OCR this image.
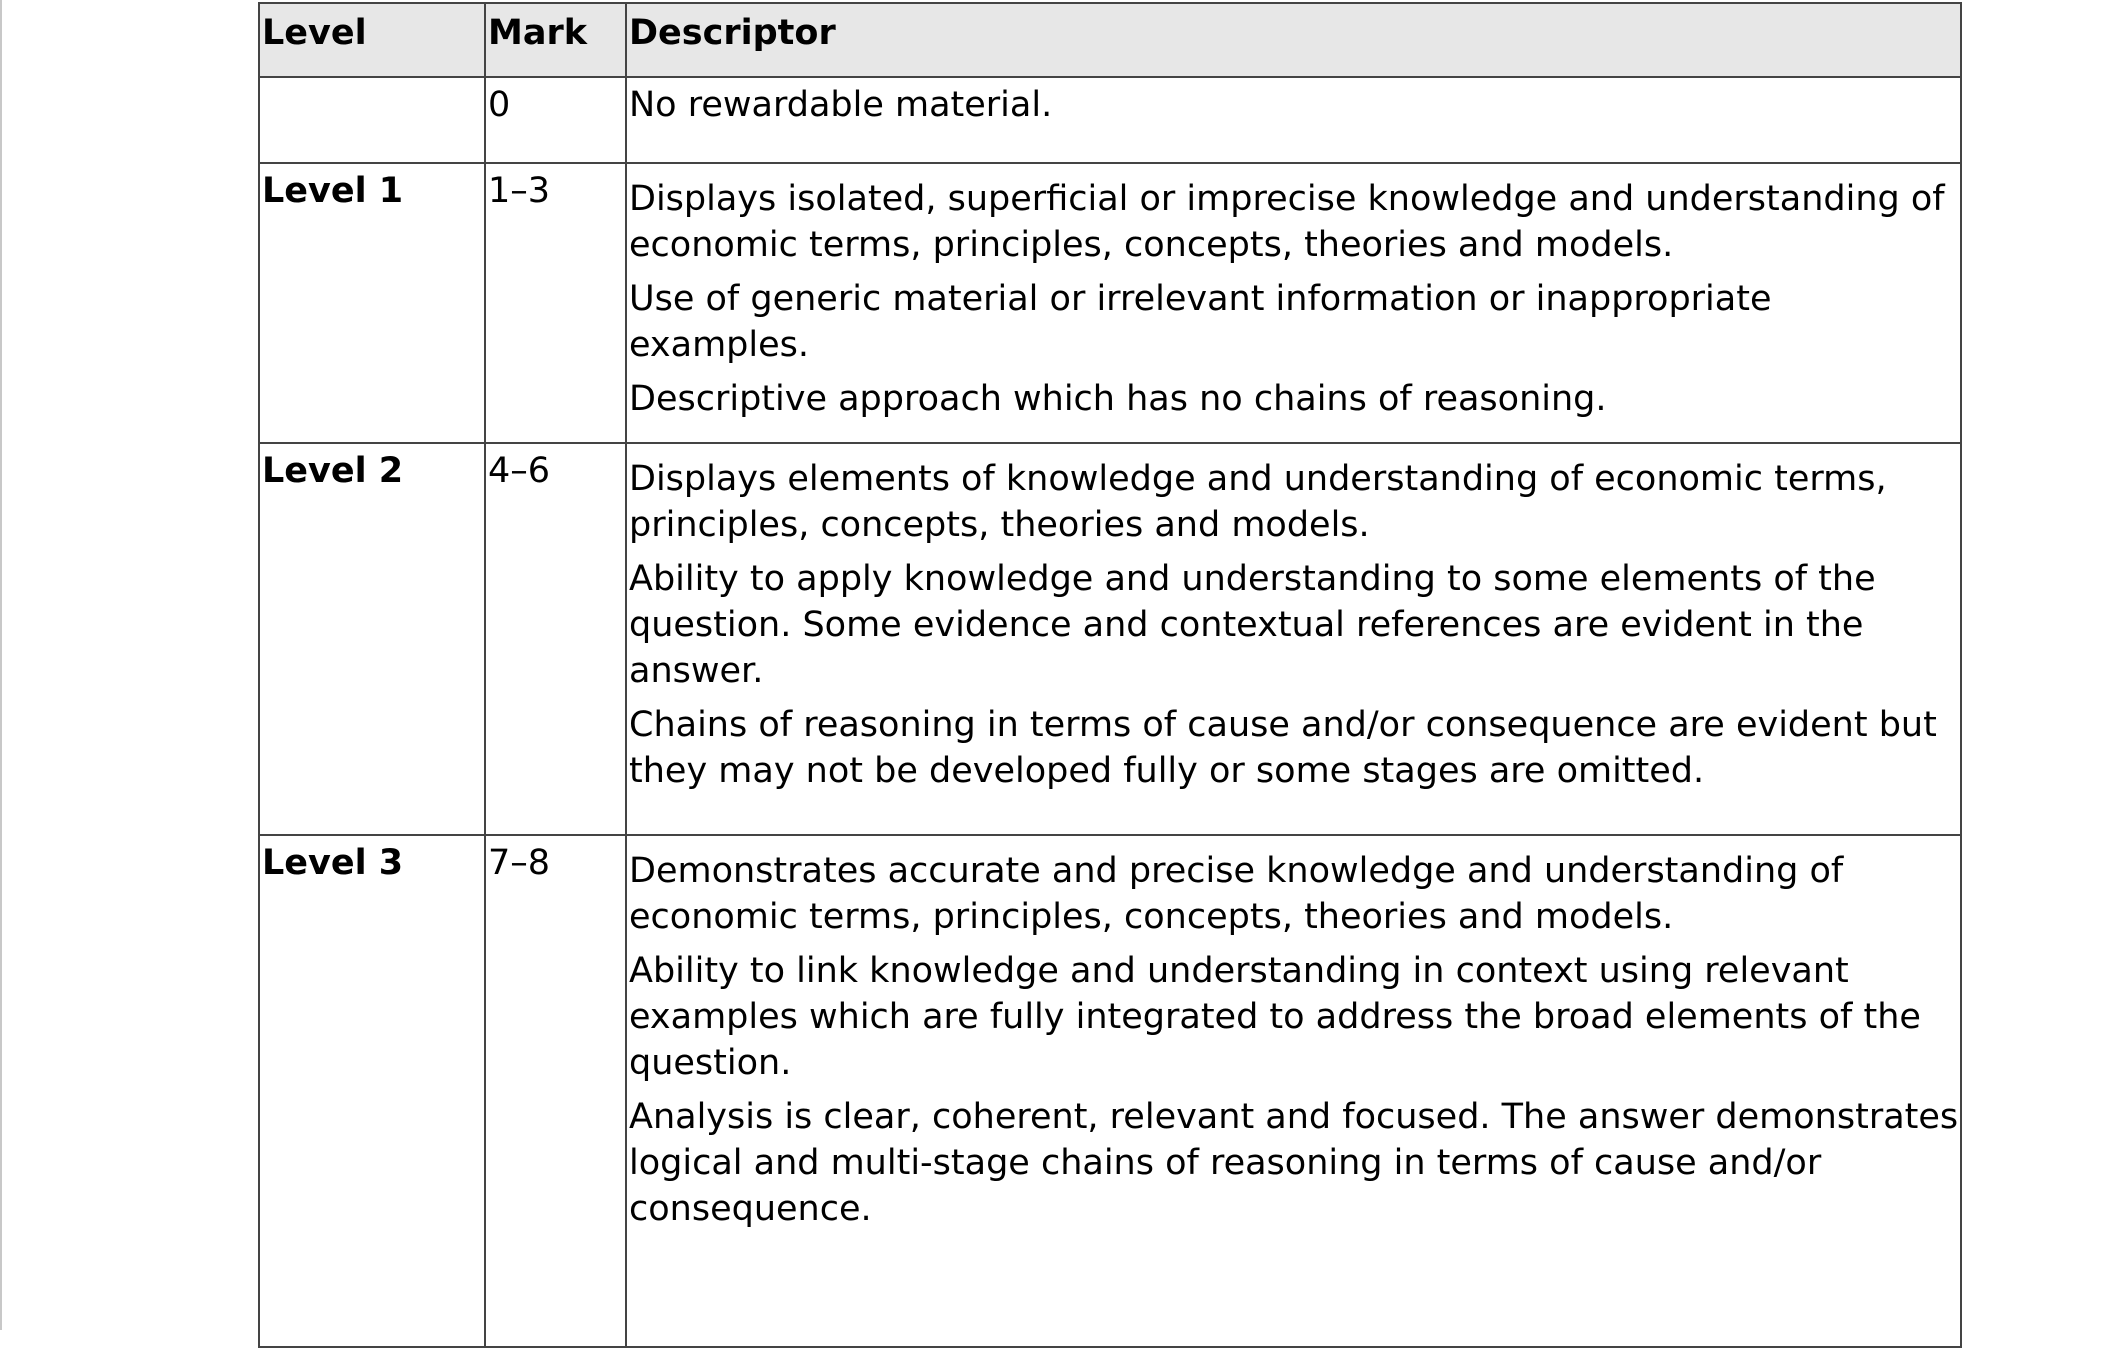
Level	Mark	Descriptor
	0	No rewardable material.

Level 1	1–3	Displays isolated, superficial or imprecise knowledge and understanding of economic terms, principles, concepts, theories and models.

Use of generic material or irrelevant information or inappropriate examples.

Descriptive approach which has no chains of reasoning.

Level 2	4–6	Displays elements of knowledge and understanding of economic terms, principles, concepts, theories and models.

Ability to apply knowledge and understanding to some elements of the question. Some evidence and contextual references are evident in the answer.

Chains of reasoning in terms of cause and/or consequence are evident but they may not be developed fully or some stages are omitted.

Level 3	7–8	Demonstrates accurate and precise knowledge and understanding of economic terms, principles, concepts, theories and models.

Ability to link knowledge and understanding in context using relevant examples which are fully integrated to address the broad elements of the question.

Analysis is clear, coherent, relevant and focused. The answer demonstrates logical and multi-stage chains of reasoning in terms of cause and/or consequence.
